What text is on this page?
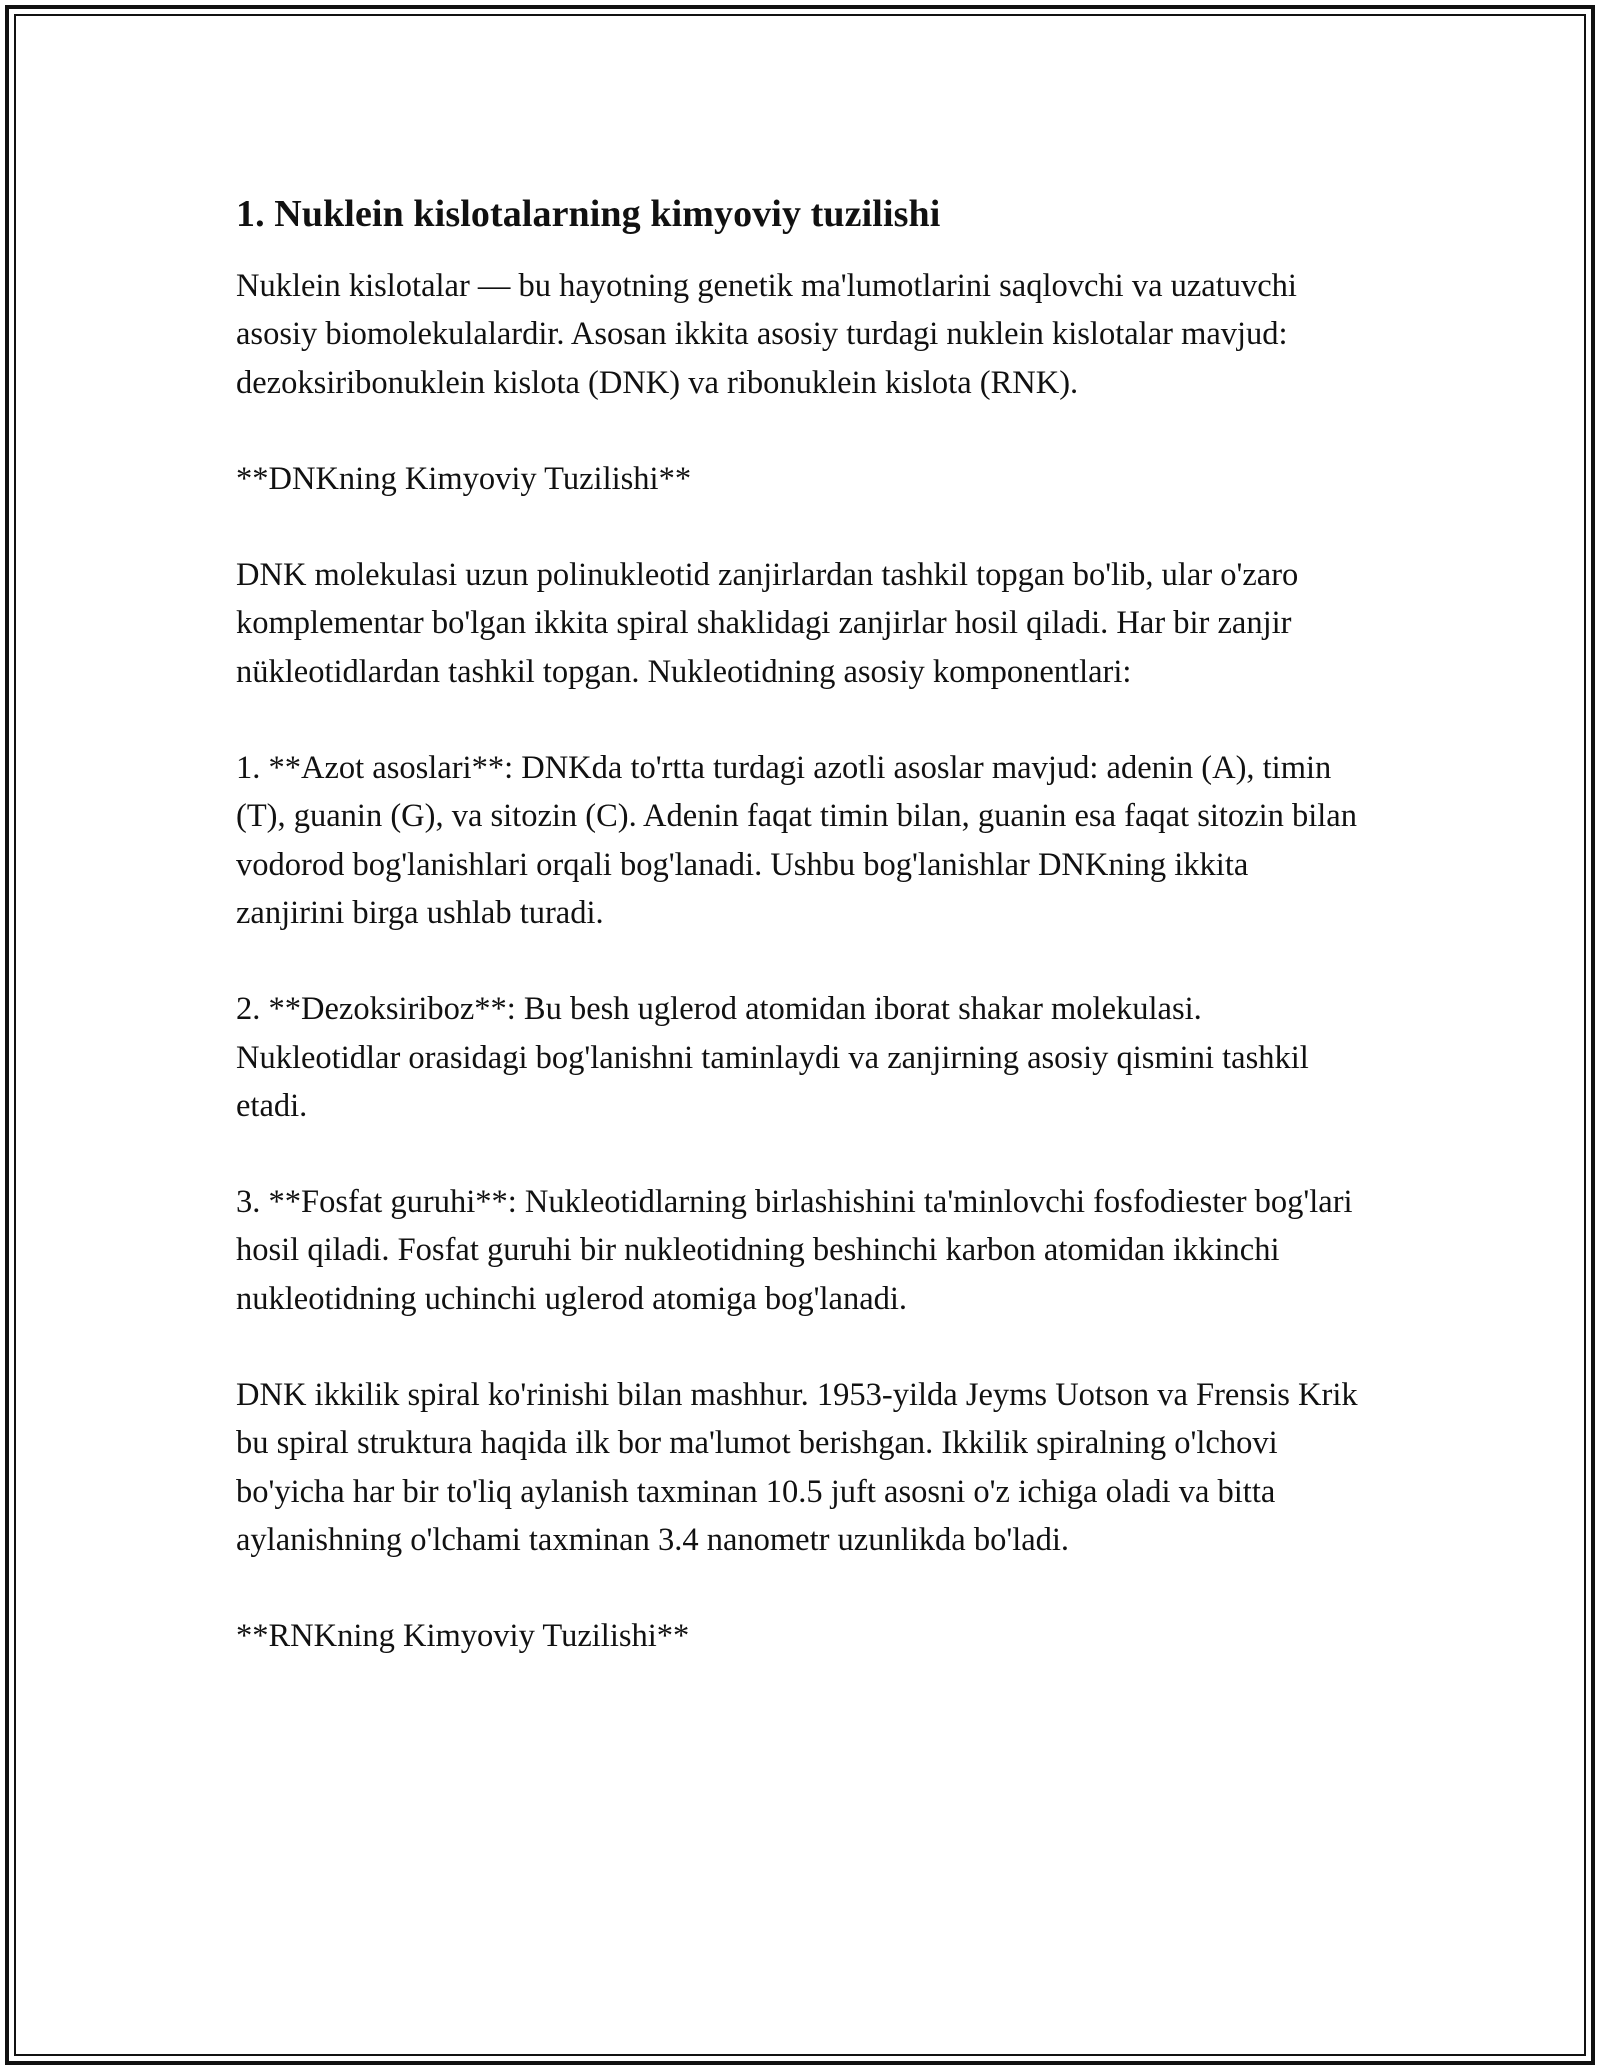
1. Nuklein kislotalarning kimyoviy tuzilishi

Nuklein kislotalar — bu hayotning genetik ma'lumotlarini saqlovchi va uzatuvchi asosiy biomolekulalardir. Asosan ikkita asosiy turdagi nuklein kislotalar mavjud: dezoksiribonuklein kislota (DNK) va ribonuklein kislota (RNK).

**DNKning Kimyoviy Tuzilishi**

DNK molekulasi uzun polinukleotid zanjirlardan tashkil topgan bo'lib, ular o'zaro komplementar bo'lgan ikkita spiral shaklidagi zanjirlar hosil qiladi. Har bir zanjir nükleotidlardan tashkil topgan. Nukleotidning asosiy komponentlari:

1. **Azot asoslari**: DNKda to'rtta turdagi azotli asoslar mavjud: adenin (A), timin (T), guanin (G), va sitozin (C). Adenin faqat timin bilan, guanin esa faqat sitozin bilan vodorod bog'lanishlari orqali bog'lanadi. Ushbu bog'lanishlar DNKning ikkita zanjirini birga ushlab turadi.

2. **Dezoksiriboz**: Bu besh uglerod atomidan iborat shakar molekulasi. Nukleotidlar orasidagi bog'lanishni taminlaydi va zanjirning asosiy qismini tashkil etadi.

3. **Fosfat guruhi**: Nukleotidlarning birlashishini ta'minlovchi fosfodiester bog'lari hosil qiladi. Fosfat guruhi bir nukleotidning beshinchi karbon atomidan ikkinchi nukleotidning uchinchi uglerod atomiga bog'lanadi.

DNK ikkilik spiral ko'rinishi bilan mashhur. 1953-yilda Jeyms Uotson va Frensis Krik bu spiral struktura haqida ilk bor ma'lumot berishgan. Ikkilik spiralning o'lchovi bo'yicha har bir to'liq aylanish taxminan 10.5 juft asosni o'z ichiga oladi va bitta aylanishning o'lchami taxminan 3.4 nanometr uzunlikda bo'ladi.

**RNKning Kimyoviy Tuzilishi**
